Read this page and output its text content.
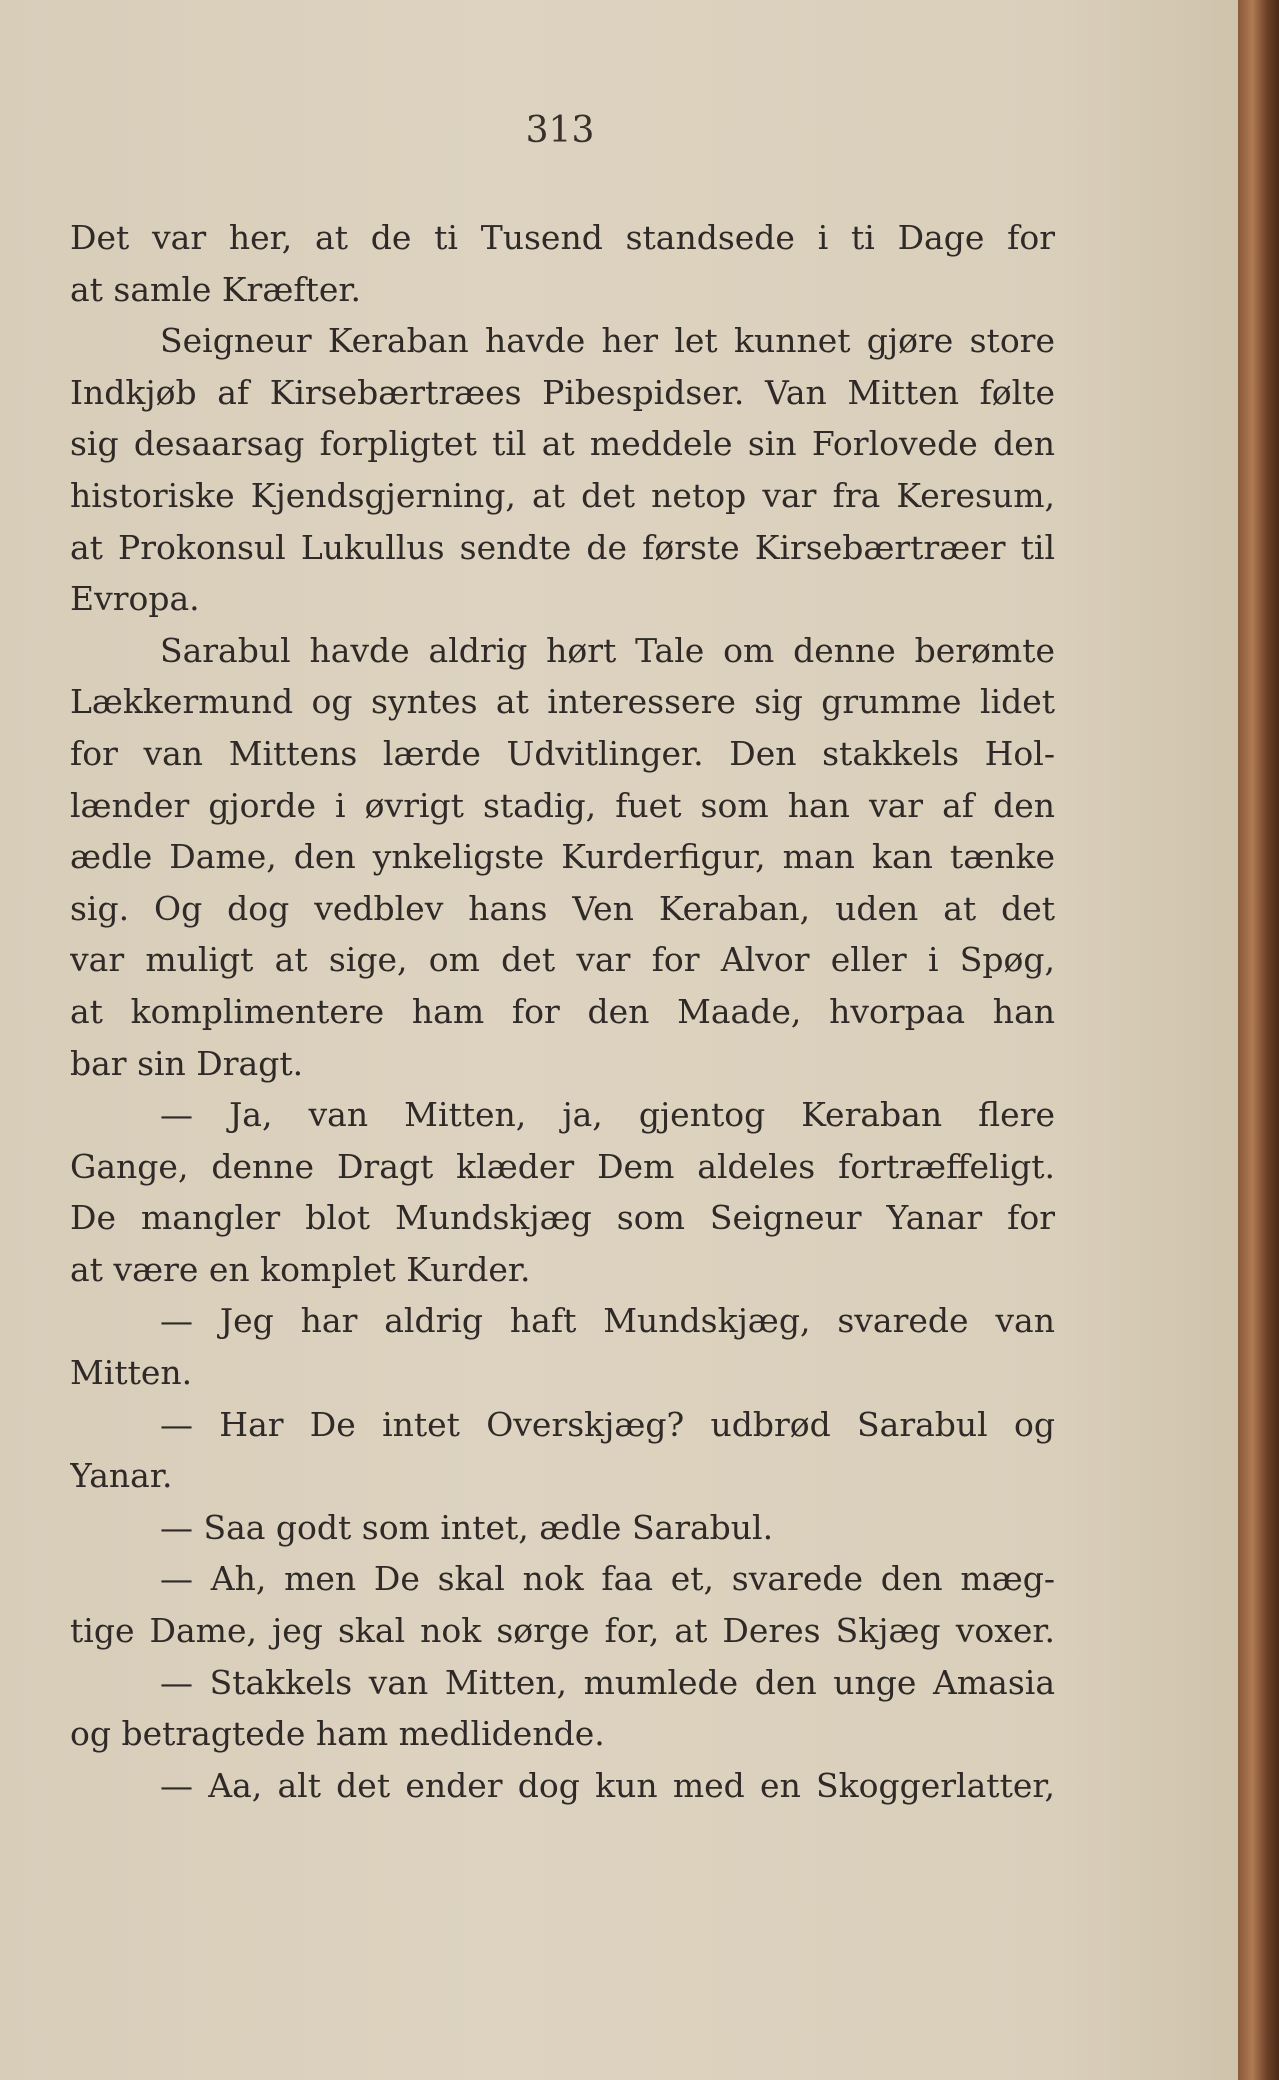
313
Det var her, at de ti Tusend standsede i ti Dage for
at samle Kræfter.
Seigneur Keraban havde her let kunnet gjøre store
Indkjøb af Kirsebærtræes Pibespidser. Van Mitten følte
sig desaarsag forpligtet til at meddele sin Forlovede den
historiske Kjendsgjerning, at det netop var fra Keresum,
at Prokonsul Lukullus sendte de første Kirsebærtræer til
Evropa.
Sarabul havde aldrig hørt Tale om denne berømte
Lækkermund og syntes at interessere sig grumme lidet
for van Mittens lærde Udvitlinger. Den stakkels Hol-
lænder gjorde i øvrigt stadig, fuet som han var af den
ædle Dame, den ynkeligste Kurderfigur, man kan tænke
sig. Og dog vedblev hans Ven Keraban, uden at det
var muligt at sige, om det var for Alvor eller i Spøg,
at komplimentere ham for den Maade, hvorpaa han
bar sin Dragt.
— Ja, van Mitten, ja, gjentog Keraban flere
Gange, denne Dragt klæder Dem aldeles fortræffeligt.
De mangler blot Mundskjæg som Seigneur Yanar for
at være en komplet Kurder.
— Jeg har aldrig haft Mundskjæg, svarede van
Mitten.
— Har De intet Overskjæg? udbrød Sarabul og
Yanar.
— Saa godt som intet, ædle Sarabul.
— Ah, men De skal nok faa et, svarede den mæg-
tige Dame, jeg skal nok sørge for, at Deres Skjæg voxer.
— Stakkels van Mitten, mumlede den unge Amasia
og betragtede ham medlidende.
— Aa, alt det ender dog kun med en Skoggerlatter,
